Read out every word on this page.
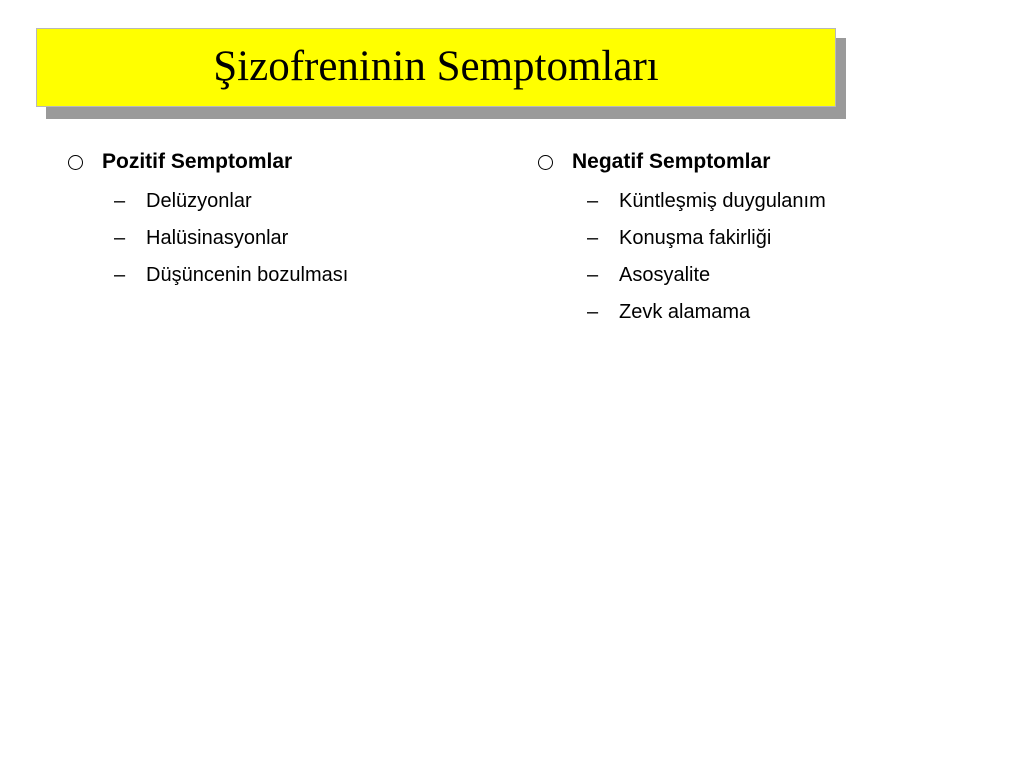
Şizofreninin Semptomları
Pozitif Semptomlar
–	Delüzyonlar
–	Halüsinasyonlar
–	Düşüncenin bozulması
Negatif Semptomlar
–	Küntleşmiş duygulanım
–	Konuşma fakirliği
–	Asosyalite
–	Zevk alamama
